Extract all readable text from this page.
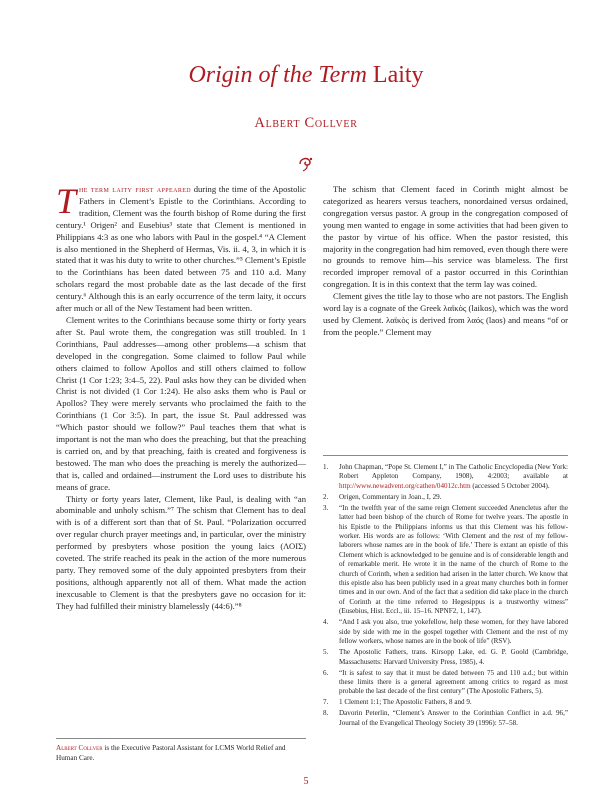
Origin of the Term Laity
Albert Collver

The term laity first appeared during the time of the Apostolic Fathers in Clement’s Epistle to the Corinthians. According to tradition, Clement was the fourth bishop of Rome during the first century.¹ Origen² and Eusebius³ state that Clement is mentioned in Philippians 4:3 as one who labors with Paul in the gospel.⁴ “A Clement is also mentioned in the Shepherd of Hermas, Vis. ii. 4, 3, in which it is stated that it was his duty to write to other churches.”⁵ Clement’s Epistle to the Corinthians has been dated between 75 and 110 a.d. Many scholars regard the most probable date as the last decade of the first century.⁶ Although this is an early occurrence of the term laity, it occurs after much or all of the New Testament had been written.

Clement writes to the Corinthians because some thirty or forty years after St. Paul wrote them, the congregation was still troubled. In 1 Corinthians, Paul addresses—among other problems—a schism that developed in the congregation. Some claimed to follow Paul while others claimed to follow Apollos and still others claimed to follow Christ (1 Cor 1:23; 3:4–5, 22). Paul asks how they can be divided when Christ is not divided (1 Cor 1:24). He also asks them who is Paul or Apollos? They were merely servants who proclaimed the faith to the Corinthians (1 Cor 3:5). In part, the issue St. Paul addressed was “Which pastor should we follow?” Paul teaches them that what is important is not the man who does the preaching, but that the preaching is carried on, and by that preaching, faith is created and forgiveness is bestowed. The man who does the preaching is merely the authorized—that is, called and ordained—instrument the Lord uses to distribute his means of grace.

Thirty or forty years later, Clement, like Paul, is dealing with “an abominable and unholy schism.”⁷ The schism that Clement has to deal with is of a different sort than that of St. Paul. “Polarization occurred over regular church prayer meetings and, in particular, over the ministry performed by presbyters whose position the young laics (ΛΟΙΣ) coveted. The strife reached its peak in the action of the more numerous party. They removed some of the duly appointed presbyters from their positions, although apparently not all of them. What made the action inexcusable to Clement is that the presbyters gave no occasion for it: They had fulfilled their ministry blamelessly (44:6).”⁸

The schism that Clement faced in Corinth might almost be categorized as hearers versus teachers, nonordained versus ordained, congregation versus pastor. A group in the congregation composed of young men wanted to engage in some activities that had been given to the pastor by virtue of his office. When the pastor resisted, this majority in the congregation had him removed, even though there were no grounds to remove him—his service was blameless. The first recorded improper removal of a pastor occurred in this Corinthian congregation. It is in this context that the term lay was coined.

Clement gives the title lay to those who are not pastors. The English word lay is a cognate of the Greek λαϊκὸς (laikos), which was the word used by Clement. λαϊκὸς is derived from λαός (laos) and means “of or from the people.” Clement may

1. John Chapman, “Pope St. Clement I,” in The Catholic Encyclopedia (New York: Robert Appleton Company, 1908), 4:2003; available at http://www.newadvent.org/cathen/04012c.htm (accessed 5 October 2004).
2. Origen, Commentary in Joan., I, 29.
3. “In the twelfth year of the same reign Clement succeeded Anencletus after the latter had been bishop of the church of Rome for twelve years. The apostle in his Epistle to the Philippians informs us that this Clement was his fellow-worker. His words are as follows: ‘With Clement and the rest of my fellow-laborers whose names are in the book of life.’ There is extant an epistle of this Clement which is acknowledged to be genuine and is of considerable length and of remarkable merit. He wrote it in the name of the church of Rome to the church of Corinth, when a sedition had arisen in the latter church. We know that this epistle also has been publicly used in a great many churches both in former times and in our own. And of the fact that a sedition did take place in the church of Corinth at the time referred to Hegesippus is a trustworthy witness” (Eusebius, Hist. Eccl., iii. 15–16. NPNF2, 1, 147).
4. “And I ask you also, true yokefellow, help these women, for they have labored side by side with me in the gospel together with Clement and the rest of my fellow workers, whose names are in the book of life” (RSV).
5. The Apostolic Fathers, trans. Kirsopp Lake, ed. G. P. Goold (Cambridge, Massachusetts: Harvard University Press, 1985), 4.
6. “It is safest to say that it must be dated between 75 and 110 a.d.; but within these limits there is a general agreement among critics to regard as most probable the last decade of the first century” (The Apostolic Fathers, 5).
7. 1 Clement 1:1; The Apostolic Fathers, 8 and 9.
8. Davorin Peterlin, “Clement’s Answer to the Corinthian Conflict in a.d. 96,” Journal of the Evangelical Theology Society 39 (1996): 57–58.
Albert Collver is the Executive Pastoral Assistant for LCMS World Relief and Human Care.
5
